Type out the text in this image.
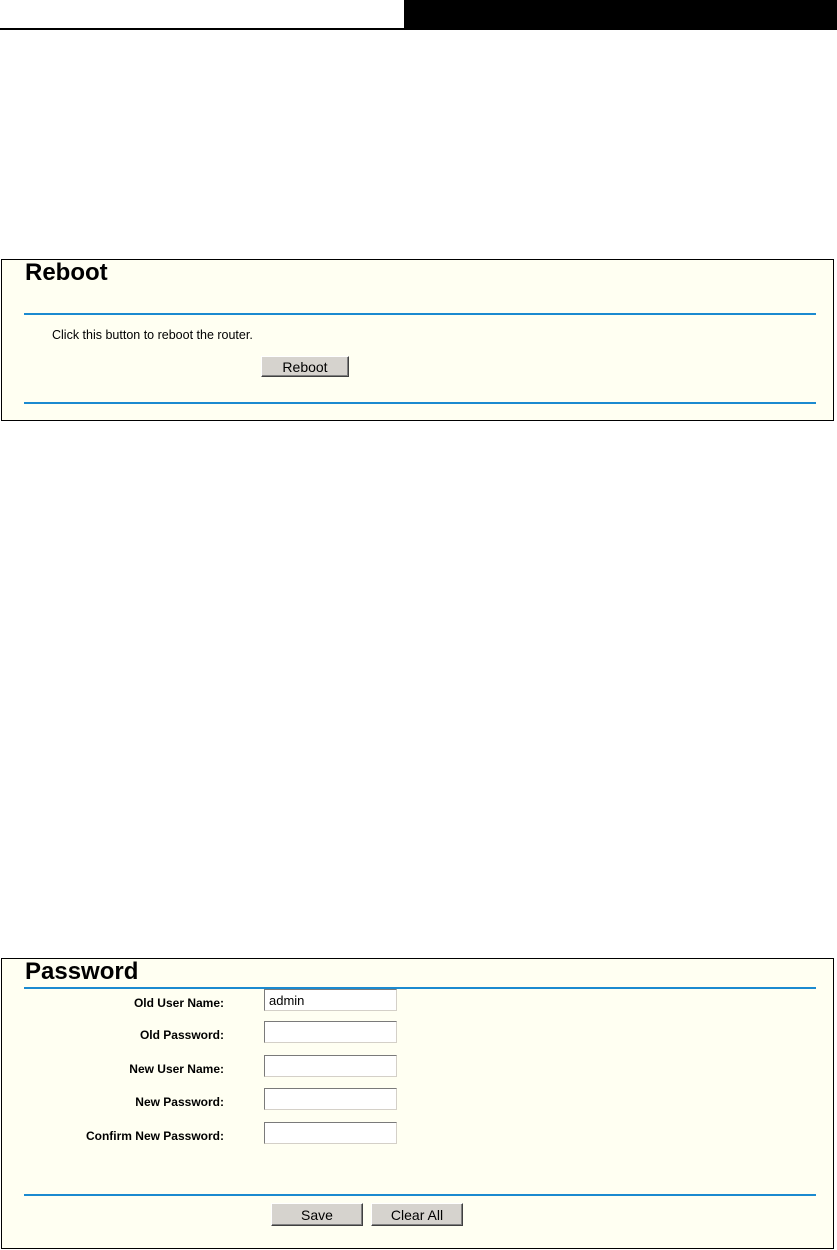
Reboot
Click this button to reboot the router.
Reboot
Password
Old User Name:
admin
Old Password:
New User Name:
New Password:
Confirm New Password:
Save	Clear All
